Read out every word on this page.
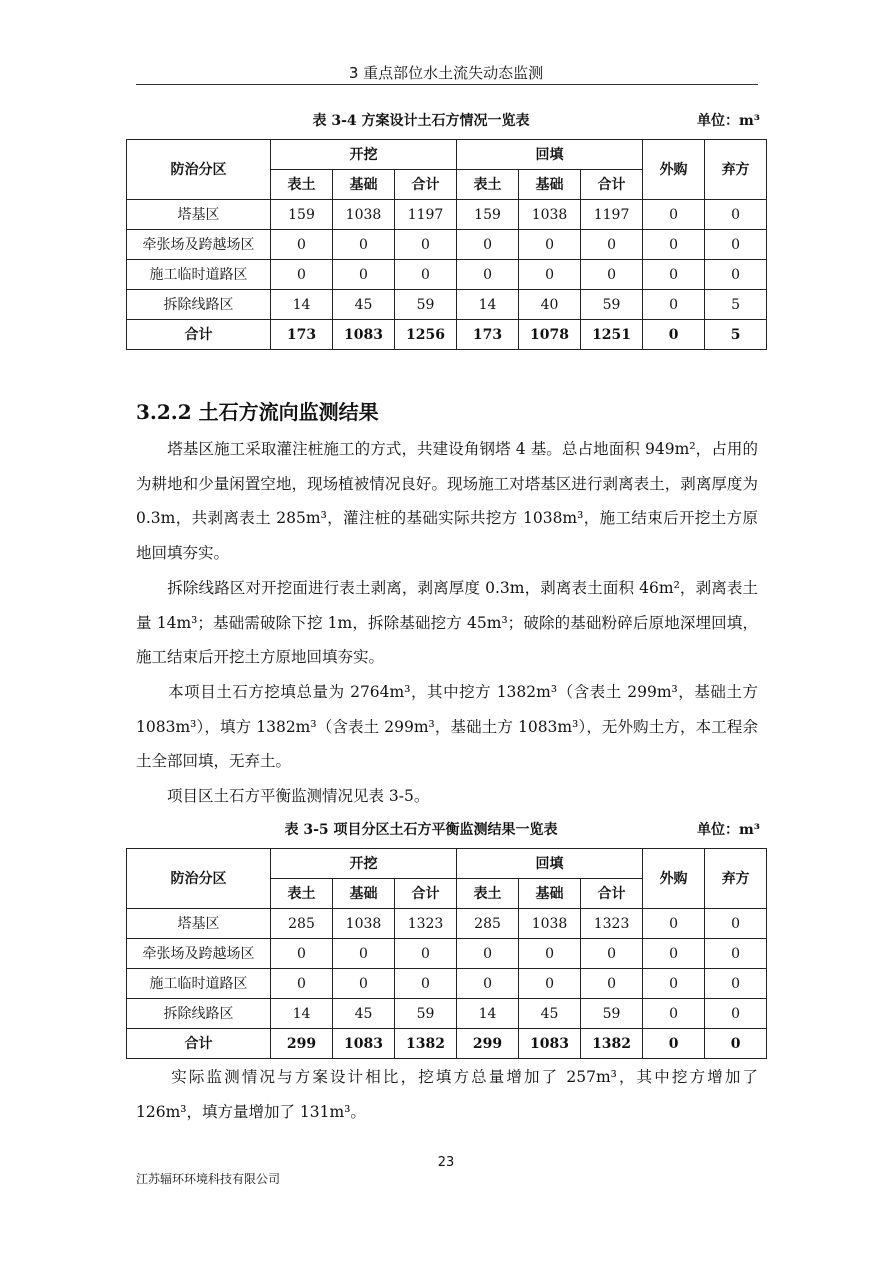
3 重点部位水土流失动态监测
表 3-4 方案设计土石方情况一览表	单位：m³
防治分区	开挖			回填			外购	弃方
	表土	基础	合计	表土	基础	合计		
塔基区	159	1038	1197	159	1038	1197	0	0
牵张场及跨越场区	0	0	0	0	0	0	0	0
施工临时道路区	0	0	0	0	0	0	0	0
拆除线路区	14	45	59	14	40	59	0	5
合计	173	1083	1256	173	1078	1251	0	5
3.2.2 土石方流向监测结果

　　塔基区施工采取灌注桩施工的方式，共建设角钢塔 4 基。总占地面积 949m²，占用的为耕地和少量闲置空地，现场植被情况良好。现场施工对塔基区进行剥离表土，剥离厚度为 0.3m，共剥离表土 285m³，灌注桩的基础实际共挖方 1038m³，施工结束后开挖土方原地回填夯实。

　　拆除线路区对开挖面进行表土剥离，剥离厚度 0.3m，剥离表土面积 46m²，剥离表土量 14m³；基础需破除下挖 1m，拆除基础挖方 45m³；破除的基础粉碎后原地深埋回填，施工结束后开挖土方原地回填夯实。

　　本项目土石方挖填总量为 2764m³，其中挖方 1382m³（含表土 299m³，基础土方 1083m³），填方 1382m³（含表土 299m³，基础土方 1083m³），无外购土方，本工程余土全部回填，无弃土。

　　项目区土石方平衡监测情况见表 3-5。

表 3-5 项目分区土石方平衡监测结果一览表	单位：m³
防治分区	开挖			回填			外购	弃方
	表土	基础	合计	表土	基础	合计		
塔基区	285	1038	1323	285	1038	1323	0	0
牵张场及跨越场区	0	0	0	0	0	0	0	0
施工临时道路区	0	0	0	0	0	0	0	0
拆除线路区	14	45	59	14	45	59	0	0
合计	299	1083	1382	299	1083	1382	0	0

　　实际监测情况与方案设计相比，挖填方总量增加了 257m³，其中挖方增加了 126m³，填方量增加了 131m³。

23
江苏辐环环境科技有限公司
